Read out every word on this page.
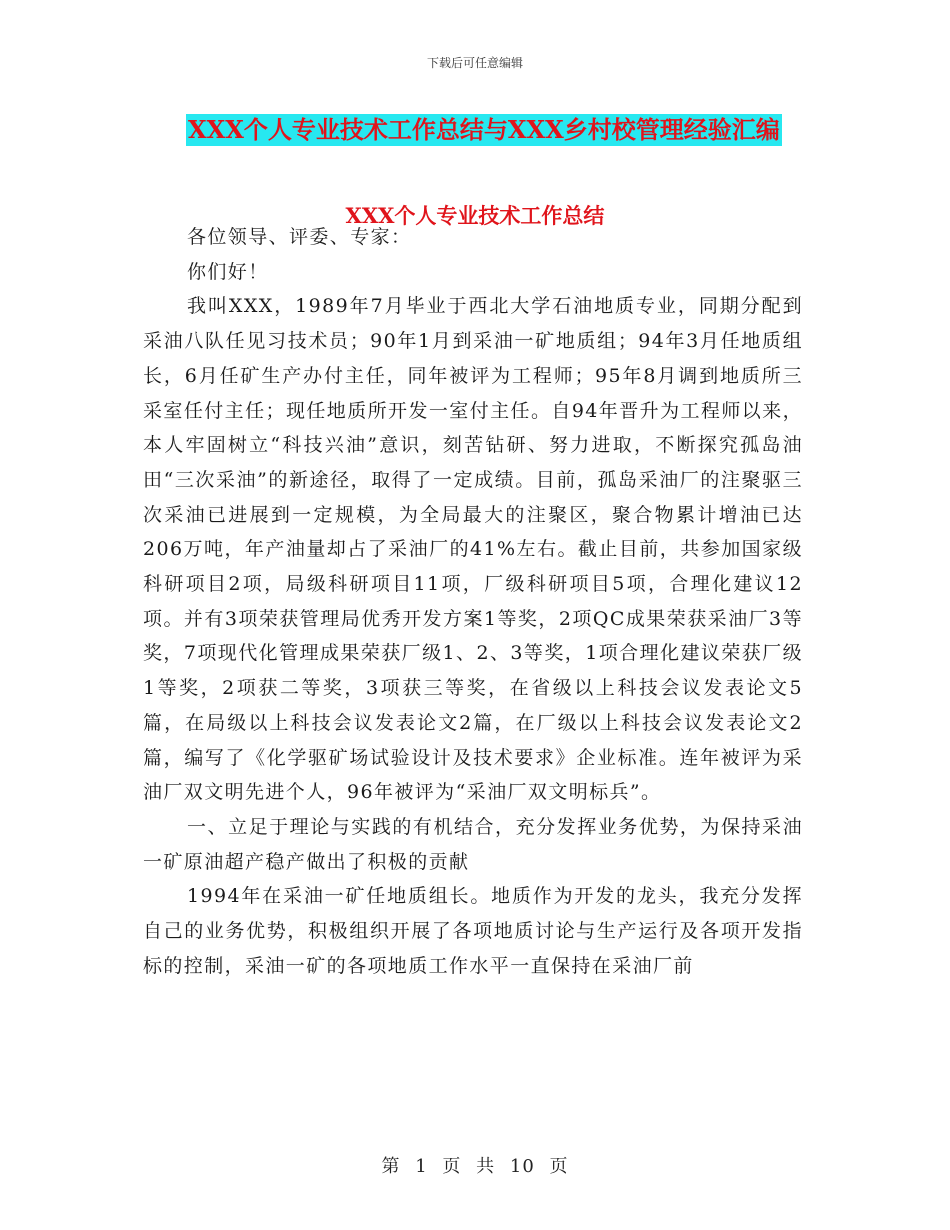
下载后可任意编辑
XXX个人专业技术工作总结与XXX乡村校管理经验汇编
XXX个人专业技术工作总结

各位领导、评委、专家：

你们好！

我叫XXX，1989年7月毕业于西北大学石油地质专业，同期分配到采油八队任见习技术员；90年1月到采油一矿地质组；94年3月任地质组长，6月任矿生产办付主任，同年被评为工程师；95年8月调到地质所三采室任付主任；现任地质所开发一室付主任。自94年晋升为工程师以来，本人牢固树立“科技兴油”意识，刻苦钻研、努力进取，不断探究孤岛油田“三次采油”的新途径，取得了一定成绩。目前，孤岛采油厂的注聚驱三次采油已进展到一定规模，为全局最大的注聚区，聚合物累计增油已达206万吨，年产油量却占了采油厂的41%左右。截止目前，共参加国家级科研项目2项，局级科研项目11项，厂级科研项目5项，合理化建议12项。并有3项荣获管理局优秀开发方案1等奖，2项QC成果荣获采油厂3等奖，7项现代化管理成果荣获厂级1、2、3等奖，1项合理化建议荣获厂级1等奖，2项获二等奖，3项获三等奖，在省级以上科技会议发表论文5篇，在局级以上科技会议发表论文2篇，在厂级以上科技会议发表论文2篇，编写了《化学驱矿场试验设计及技术要求》企业标准。连年被评为采油厂双文明先进个人，96年被评为“采油厂双文明标兵”。

一、立足于理论与实践的有机结合，充分发挥业务优势，为保持采油一矿原油超产稳产做出了积极的贡献

1994年在采油一矿任地质组长。地质作为开发的龙头，我充分发挥自己的业务优势，积极组织开展了各项地质讨论与生产运行及各项开发指标的控制，采油一矿的各项地质工作水平一直保持在采油厂前

第 1 页 共 10 页
